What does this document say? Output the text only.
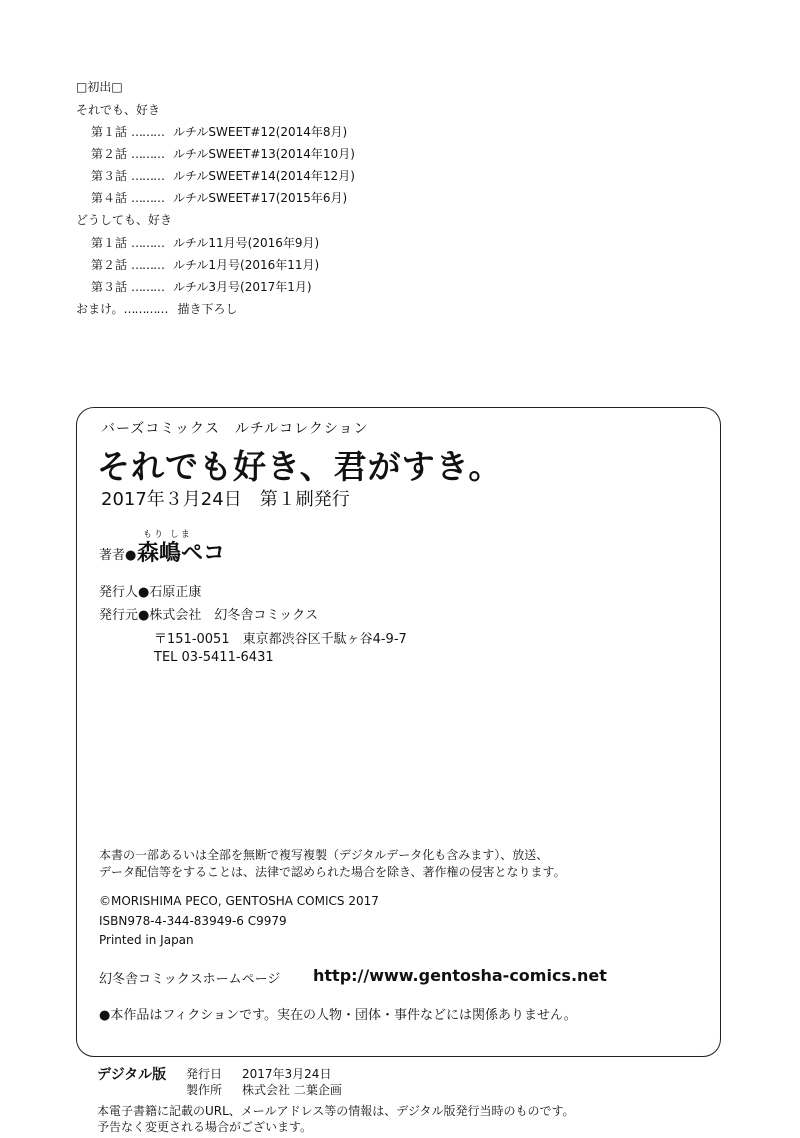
□初出□
それでも、好き
第１話 ……… ルチルSWEET#12(2014年8月)
第２話 ……… ルチルSWEET#13(2014年10月)
第３話 ……… ルチルSWEET#14(2014年12月)
第４話 ……… ルチルSWEET#17(2015年6月)
どうしても、好き
第１話 ……… ルチル11月号(2016年9月)
第２話 ……… ルチル1月号(2016年11月)
第３話 ……… ルチル3月号(2017年1月)
おまけ。………… 描き下ろし
バーズコミックス　ルチルコレクション
それでも好き、君がすき。
2017年３月24日　第１刷発行
もり しま
著者● 森嶋ペコ
発行人●石原正康
発行元●株式会社　幻冬舎コミックス
〒151-0051　東京都渋谷区千駄ヶ谷4-9-7
TEL 03-5411-6431
本書の一部あるいは全部を無断で複写複製（デジタルデータ化も含みます）、放送、
データ配信等をすることは、法律で認められた場合を除き、著作権の侵害となります。
©MORISHIMA PECO, GENTOSHA COMICS 2017
ISBN978-4-344-83949-6 C9979
Printed in Japan
幻冬舎コミックスホームページ http://www.gentosha-comics.net
●本作品はフィクションです。実在の人物・団体・事件などには関係ありません。
デジタル版 発行日 2017年3月24日
製作所 株式会社 二葉企画
本電子書籍に記載のURL、メールアドレス等の情報は、デジタル版発行当時のものです。
予告なく変更される場合がございます。
